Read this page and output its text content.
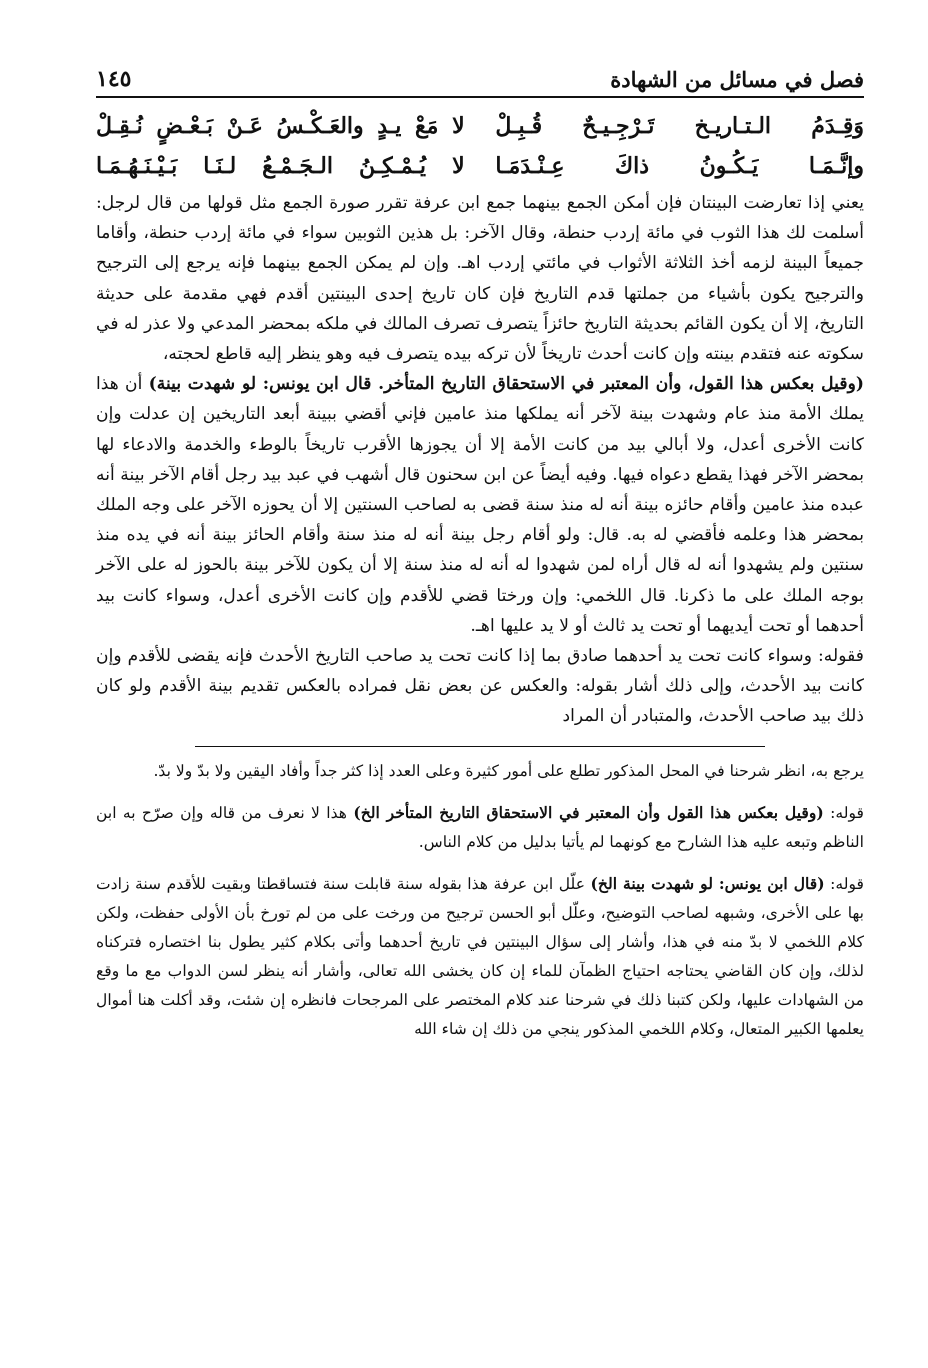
فصل في مسائل من الشهادة
١٤٥
وَقِـدَمُ الـتـاريـخ تَـرْجِـيـحٌ قُـبِـلْ
لا مَعْ يـدٍ والعَـكْـسُ عَـنْ بَـعْـضٍ نُـقِـلْ
وإنَّـمَـا يَـكُـونُ ذاكَ عِـنْـدَمَـا
لا يُـمْـكِـنُ الـجَـمْـعُ لـنَـا بَـيْـنَـهُـمَـا

يعني إذا تعارضت البينتان فإن أمكن الجمع بينهما جمع ابن عرفة تقرر صورة الجمع مثل قولها من قال لرجل: أسلمت لك هذا الثوب في مائة إردب حنطة، وقال الآخر: بل هذين الثوبين سواء في مائة إردب حنطة، وأقاما جميعاً البينة لزمه أخذ الثلاثة الأثواب في مائتي إردب اهـ. وإن لم يمكن الجمع بينهما فإنه يرجع إلى الترجيح والترجيح يكون بأشياء من جملتها قدم التاريخ فإن كان تاريخ إحدى البينتين أقدم فهي مقدمة على حديثة التاريخ، إلا أن يكون القائم بحديثة التاريخ حائزاً يتصرف تصرف المالك في ملكه بمحضر المدعي ولا عذر له في سكوته عنه فتقدم بينته وإن كانت أحدث تاريخاً لأن تركه بيده يتصرف فيه وهو ينظر إليه قاطع لحجته،

(وقيل بعكس هذا القول، وأن المعتبر في الاستحقاق التاريخ المتأخر. قال ابن يونس: لو شهدت بينة) أن هذا يملك الأمة منذ عام وشهدت بينة لآخر أنه يملكها منذ عامين فإني أقضي ببينة أبعد التاريخين إن عدلت وإن كانت الأخرى أعدل، ولا أبالي بيد من كانت الأمة إلا أن يجوزها الأقرب تاريخاً بالوطء والخدمة والادعاء لها بمحضر الآخر فهذا يقطع دعواه فيها. وفيه أيضاً عن ابن سحنون قال أشهب في عبد بيد رجل أقام الآخر بينة أنه عبده منذ عامين وأقام حائزه بينة أنه له منذ سنة قضى به لصاحب السنتين إلا أن يحوزه الآخر على وجه الملك بمحضر هذا وعلمه فأقضي له به. قال: ولو أقام رجل بينة أنه له منذ سنة وأقام الحائز بينة أنه في يده منذ سنتين ولم يشهدوا أنه له قال أراه لمن شهدوا له أنه له منذ سنة إلا أن يكون للآخر بينة بالحوز له على الآخر بوجه الملك على ما ذكرنا. قال اللخمي: وإن ورختا قضي للأقدم وإن كانت الأخرى أعدل، وسواء كانت بيد أحدهما أو تحت أيديهما أو تحت يد ثالث أو لا يد عليها اهـ.

فقوله: وسواء كانت تحت يد أحدهما صادق بما إذا كانت تحت يد صاحب التاريخ الأحدث فإنه يقضى للأقدم وإن كانت بيد الأحدث، وإلى ذلك أشار بقوله: والعكس عن بعض نقل فمراده بالعكس تقديم بينة الأقدم ولو كان ذلك بيد صاحب الأحدث، والمتبادر أن المراد

يرجع به، انظر شرحنا في المحل المذكور تطلع على أمور كثيرة وعلى العدد إذا كثر جداً وأفاد اليقين ولا بدّ ولا بدّ.

قوله: (وقيل بعكس هذا القول وأن المعتبر في الاستحقاق التاريخ المتأخر الخ) هذا لا نعرف من قاله وإن صرّح به ابن الناظم وتبعه عليه هذا الشارح مع كونهما لم يأتيا بدليل من كلام الناس.

قوله: (قال ابن يونس: لو شهدت بينة الخ) علّل ابن عرفة هذا بقوله سنة قابلت سنة فتساقطتا وبقيت للأقدم سنة زادت بها على الأخرى، وشبهه لصاحب التوضيح، وعلّل أبو الحسن ترجيح من ورخت على من لم تورخ بأن الأولى حفظت، ولكن كلام اللخمي لا بدّ منه في هذا، وأشار إلى سؤال البينتين في تاريخ أحدهما وأتى بكلام كثير يطول بنا اختصاره فتركناه لذلك، وإن كان القاضي يحتاجه احتياج الظمآن للماء إن كان يخشى الله تعالى، وأشار أنه ينظر لسن الدواب مع ما وقع من الشهادات عليها، ولكن كتبنا ذلك في شرحنا عند كلام المختصر على المرجحات فانظره إن شئت، وقد أكلت هنا أموال يعلمها الكبير المتعال، وكلام اللخمي المذكور ينجي من ذلك إن شاء الله
